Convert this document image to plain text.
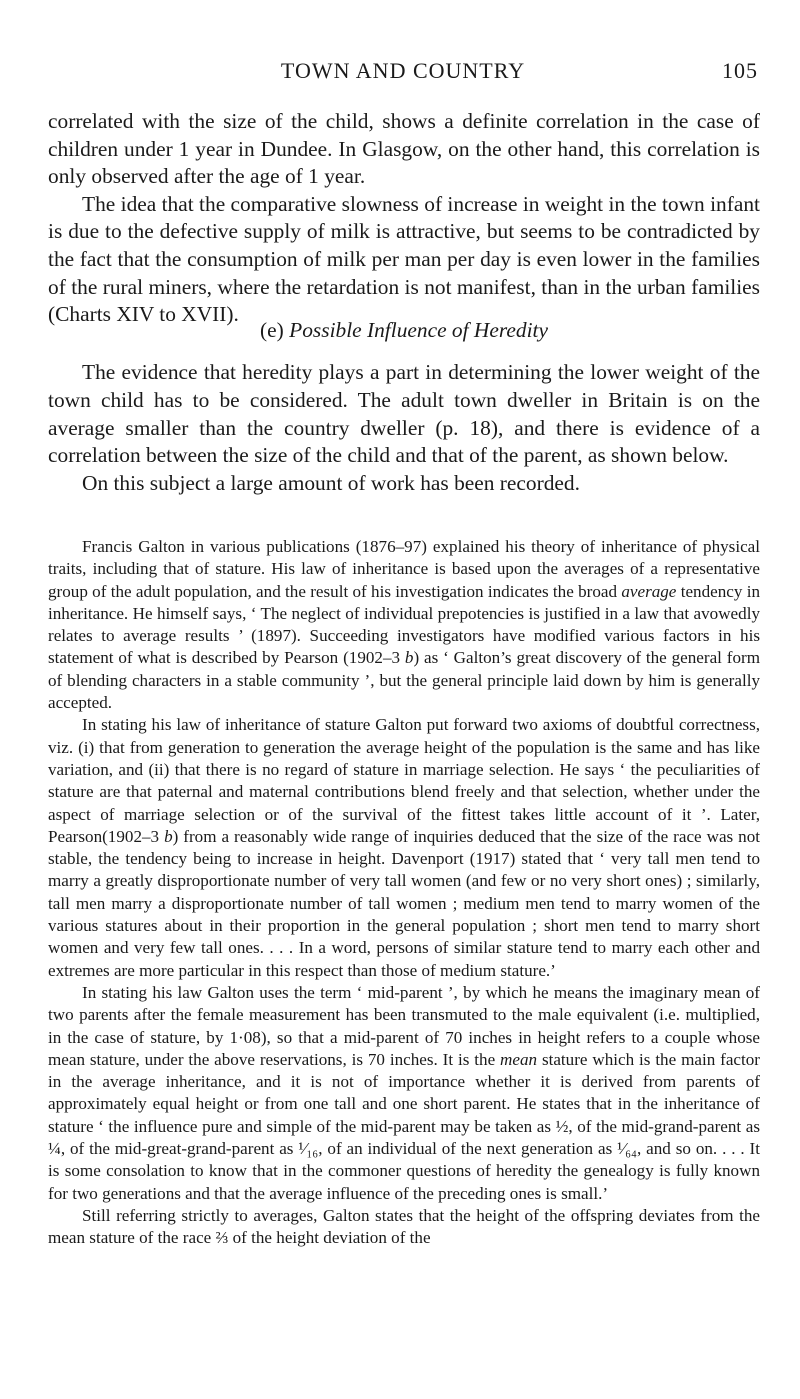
TOWN AND COUNTRY	105

correlated with the size of the child, shows a definite correlation in the case of children under 1 year in Dundee. In Glasgow, on the other hand, this correlation is only observed after the age of 1 year.

The idea that the comparative slowness of increase in weight in the town infant is due to the defective supply of milk is attractive, but seems to be contradicted by the fact that the consumption of milk per man per day is even lower in the families of the rural miners, where the retardation is not manifest, than in the urban families (Charts XIV to XVII).

(e) Possible Influence of Heredity

The evidence that heredity plays a part in determining the lower weight of the town child has to be considered. The adult town dweller in Britain is on the average smaller than the country dweller (p. 18), and there is evidence of a correlation between the size of the child and that of the parent, as shown below.

On this subject a large amount of work has been recorded.

Francis Galton in various publications (1876–97) explained his theory of inheritance of physical traits, including that of stature. His law of inheritance is based upon the averages of a representative group of the adult population, and the result of his investigation indicates the broad average tendency in inheritance. He himself says, ‘ The neglect of individual prepotencies is justified in a law that avowedly relates to average results ’ (1897). Succeeding investigators have modified various factors in his statement of what is described by Pearson (1902–3 b) as ‘ Galton’s great discovery of the general form of blending characters in a stable community ’, but the general principle laid down by him is generally accepted.

In stating his law of inheritance of stature Galton put forward two axioms of doubtful correctness, viz. (i) that from generation to generation the average height of the population is the same and has like variation, and (ii) that there is no regard of stature in marriage selection. He says ‘ the peculiarities of stature are that paternal and maternal contributions blend freely and that selection, whether under the aspect of marriage selection or of the survival of the fittest takes little account of it ’. Later, Pearson(1902–3 b) from a reasonably wide range of inquiries deduced that the size of the race was not stable, the tendency being to increase in height. Davenport (1917) stated that ‘ very tall men tend to marry a greatly disproportionate number of very tall women (and few or no very short ones) ; similarly, tall men marry a disproportionate number of tall women ; medium men tend to marry women of the various statures about in their proportion in the general population ; short men tend to marry short women and very few tall ones. . . . In a word, persons of similar stature tend to marry each other and extremes are more particular in this respect than those of medium stature.’

In stating his law Galton uses the term ‘ mid-parent ’, by which he means the imaginary mean of two parents after the female measurement has been transmuted to the male equivalent (i.e. multiplied, in the case of stature, by 1·08), so that a mid-parent of 70 inches in height refers to a couple whose mean stature, under the above reservations, is 70 inches. It is the mean stature which is the main factor in the average inheritance, and it is not of importance whether it is derived from parents of approximately equal height or from one tall and one short parent. He states that in the inheritance of stature ‘ the influence pure and simple of the mid-parent may be taken as ½, of the mid-grand-parent as ¼, of the mid-great-grand-parent as ¹⁄₁₆, of an individual of the next generation as ¹⁄₆₄, and so on. . . . It is some consolation to know that in the commoner questions of heredity the genealogy is fully known for two generations and that the average influence of the preceding ones is small.’

Still referring strictly to averages, Galton states that the height of the offspring deviates from the mean stature of the race ⅔ of the height deviation of the
